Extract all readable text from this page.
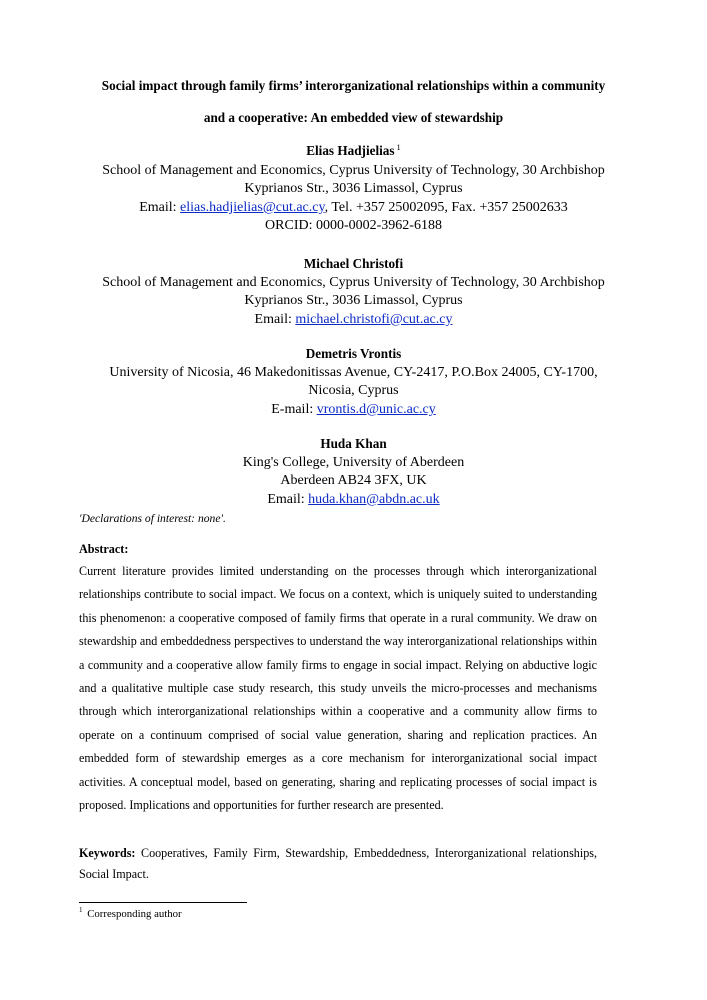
Social impact through family firms’ interorganizational relationships within a community
and a cooperative: An embedded view of stewardship
Elias Hadjielias $^1$
School of Management and Economics, Cyprus University of Technology, 30 Archbishop
Kyprianos Str., 3036 Limassol, Cyprus
Email: elias.hadjielias@cut.ac.cy, Tel. +357 25002095, Fax. +357 25002633
ORCID: 0000-0002-3962-6188
Michael Christofi
School of Management and Economics, Cyprus University of Technology, 30 Archbishop
Kyprianos Str., 3036 Limassol, Cyprus
Email: michael.christofi@cut.ac.cy
Demetris Vrontis
University of Nicosia, 46 Makedonitissas Avenue, CY-2417, P.O.Box 24005, CY-1700,
Nicosia, Cyprus
E-mail: vrontis.d@unic.ac.cy
Huda Khan
King's College, University of Aberdeen
Aberdeen AB24 3FX, UK
Email: huda.khan@abdn.ac.uk
'Declarations of interest: none'.
Abstract:
Current literature provides limited understanding on the processes through which interorganizational relationships contribute to social impact. We focus on a context, which is uniquely suited to understanding this phenomenon: a cooperative composed of family firms that operate in a rural community. We draw on stewardship and embeddedness perspectives to understand the way interorganizational relationships within a community and a cooperative allow family firms to engage in social impact. Relying on abductive logic and a qualitative multiple case study research, this study unveils the micro-processes and mechanisms through which interorganizational relationships within a cooperative and a community allow firms to operate on a continuum comprised of social value generation, sharing and replication practices. An embedded form of stewardship emerges as a core mechanism for interorganizational social impact activities. A conceptual model, based on generating, sharing and replicating processes of social impact is proposed. Implications and opportunities for further research are presented.
Keywords: Cooperatives, Family Firm, Stewardship, Embeddedness, Interorganizational relationships, Social Impact.
$^1$ Corresponding author
